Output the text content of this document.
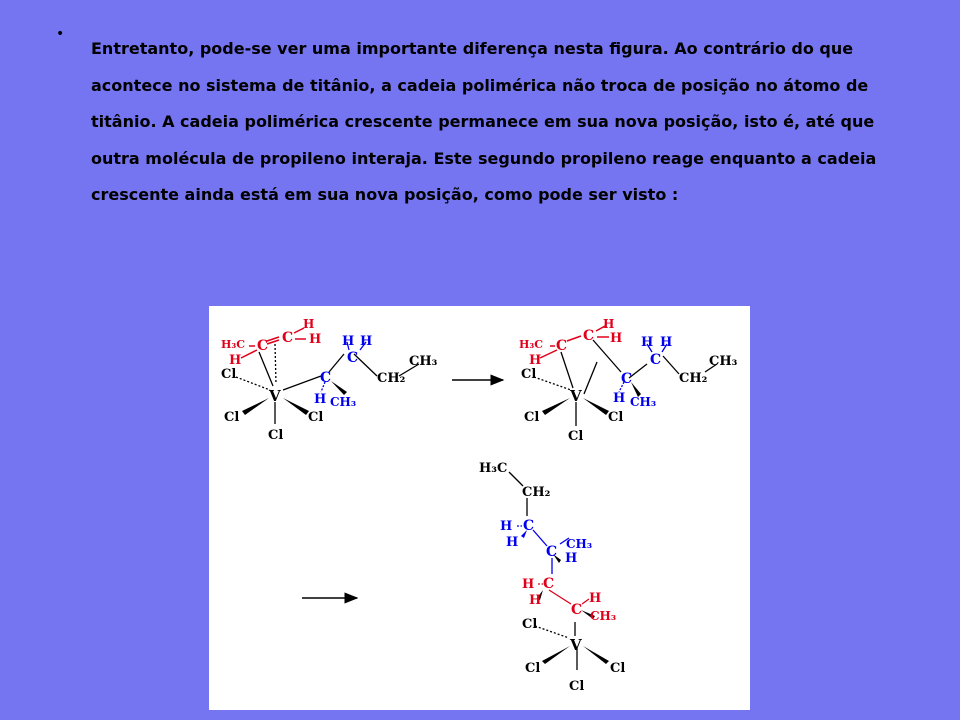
•

Entretanto, pode-se ver uma importante diferença nesta figura. Ao contrário do que
acontece no sistema de titânio, a cadeia polimérica não troca de posição no átomo de
titânio. A cadeia polimérica crescente permanece em sua nova posição, isto é, até que
outra molécula de propileno interaja. Este segundo propileno reage enquanto a cadeia
crescente ainda está em sua nova posição, como pode ser visto :

H₃C C C
H
H
H
Cl
V
Cl	Cl
Cl
H H
C
C
H CH₃
CH₂
CH₃
H₃C C
C
H
H
H
Cl
V
Cl	Cl
Cl
H H
C
C
H CH₃
CH₂
CH₃
H₃C
CH₂
H C
H
C CH₃
H
H C
H
C
H
CH₃
Cl
V
Cl	Cl
Cl
